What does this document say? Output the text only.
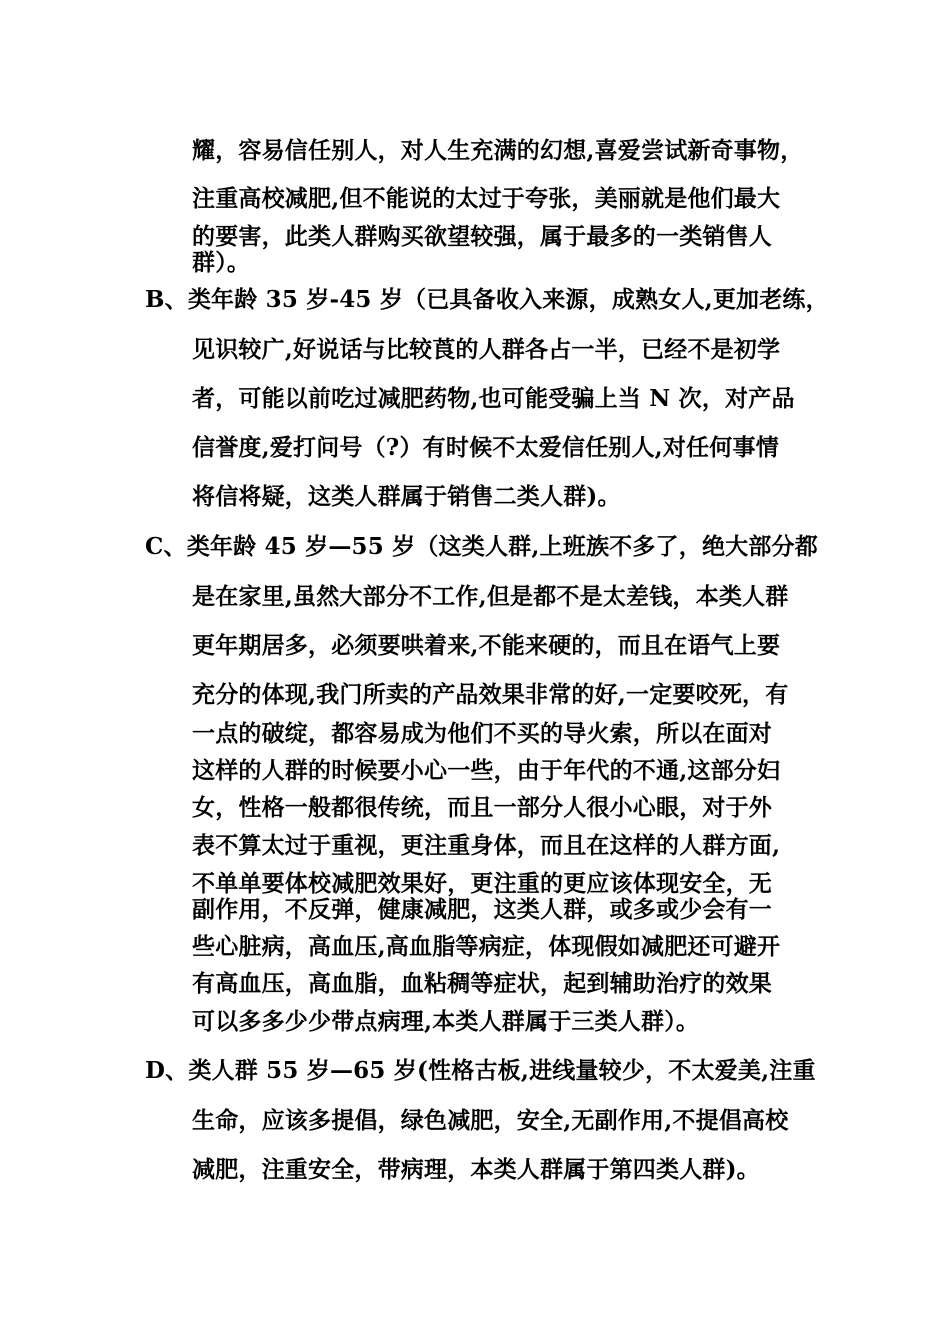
耀，容易信任别人，对人生充满的幻想,喜爱尝试新奇事物，
注重高校减肥,但不能说的太过于夸张，美丽就是他们最大
的要害，此类人群购买欲望较强，属于最多的一类销售人
群）。
B、类年龄 35 岁-45 岁（已具备收入来源，成熟女人,更加老练，
见识较广,好说话与比较莨的人群各占一半，已经不是初学
者，可能以前吃过减肥药物,也可能受骗上当 N 次，对产品
信誉度,爱打问号（?）有时候不太爱信任别人,对任何事情
将信将疑，这类人群属于销售二类人群)。
C、类年龄 45 岁—55 岁（这类人群,上班族不多了，绝大部分都
是在家里,虽然大部分不工作,但是都不是太差钱，本类人群
更年期居多，必须要哄着来,不能来硬的，而且在语气上要
充分的体现,我门所卖的产品效果非常的好,一定要咬死，有
一点的破绽，都容易成为他们不买的导火索，所以在面对
这样的人群的时候要小心一些，由于年代的不通,这部分妇
女，性格一般都很传统，而且一部分人很小心眼，对于外
表不算太过于重视，更注重身体，而且在这样的人群方面,
不单单要体校减肥效果好，更注重的更应该体现安全，无
副作用，不反弹，健康减肥，这类人群，或多或少会有一
些心脏病，高血压,高血脂等病症，体现假如减肥还可避开
有高血压，高血脂，血粘稠等症状，起到辅助治疗的效果
可以多多少少带点病理,本类人群属于三类人群）。
D、类人群 55 岁—65 岁(性格古板,进线量较少，不太爱美,注重
生命，应该多提倡，绿色减肥，安全,无副作用,不提倡高校
减肥，注重安全，带病理，本类人群属于第四类人群)。
